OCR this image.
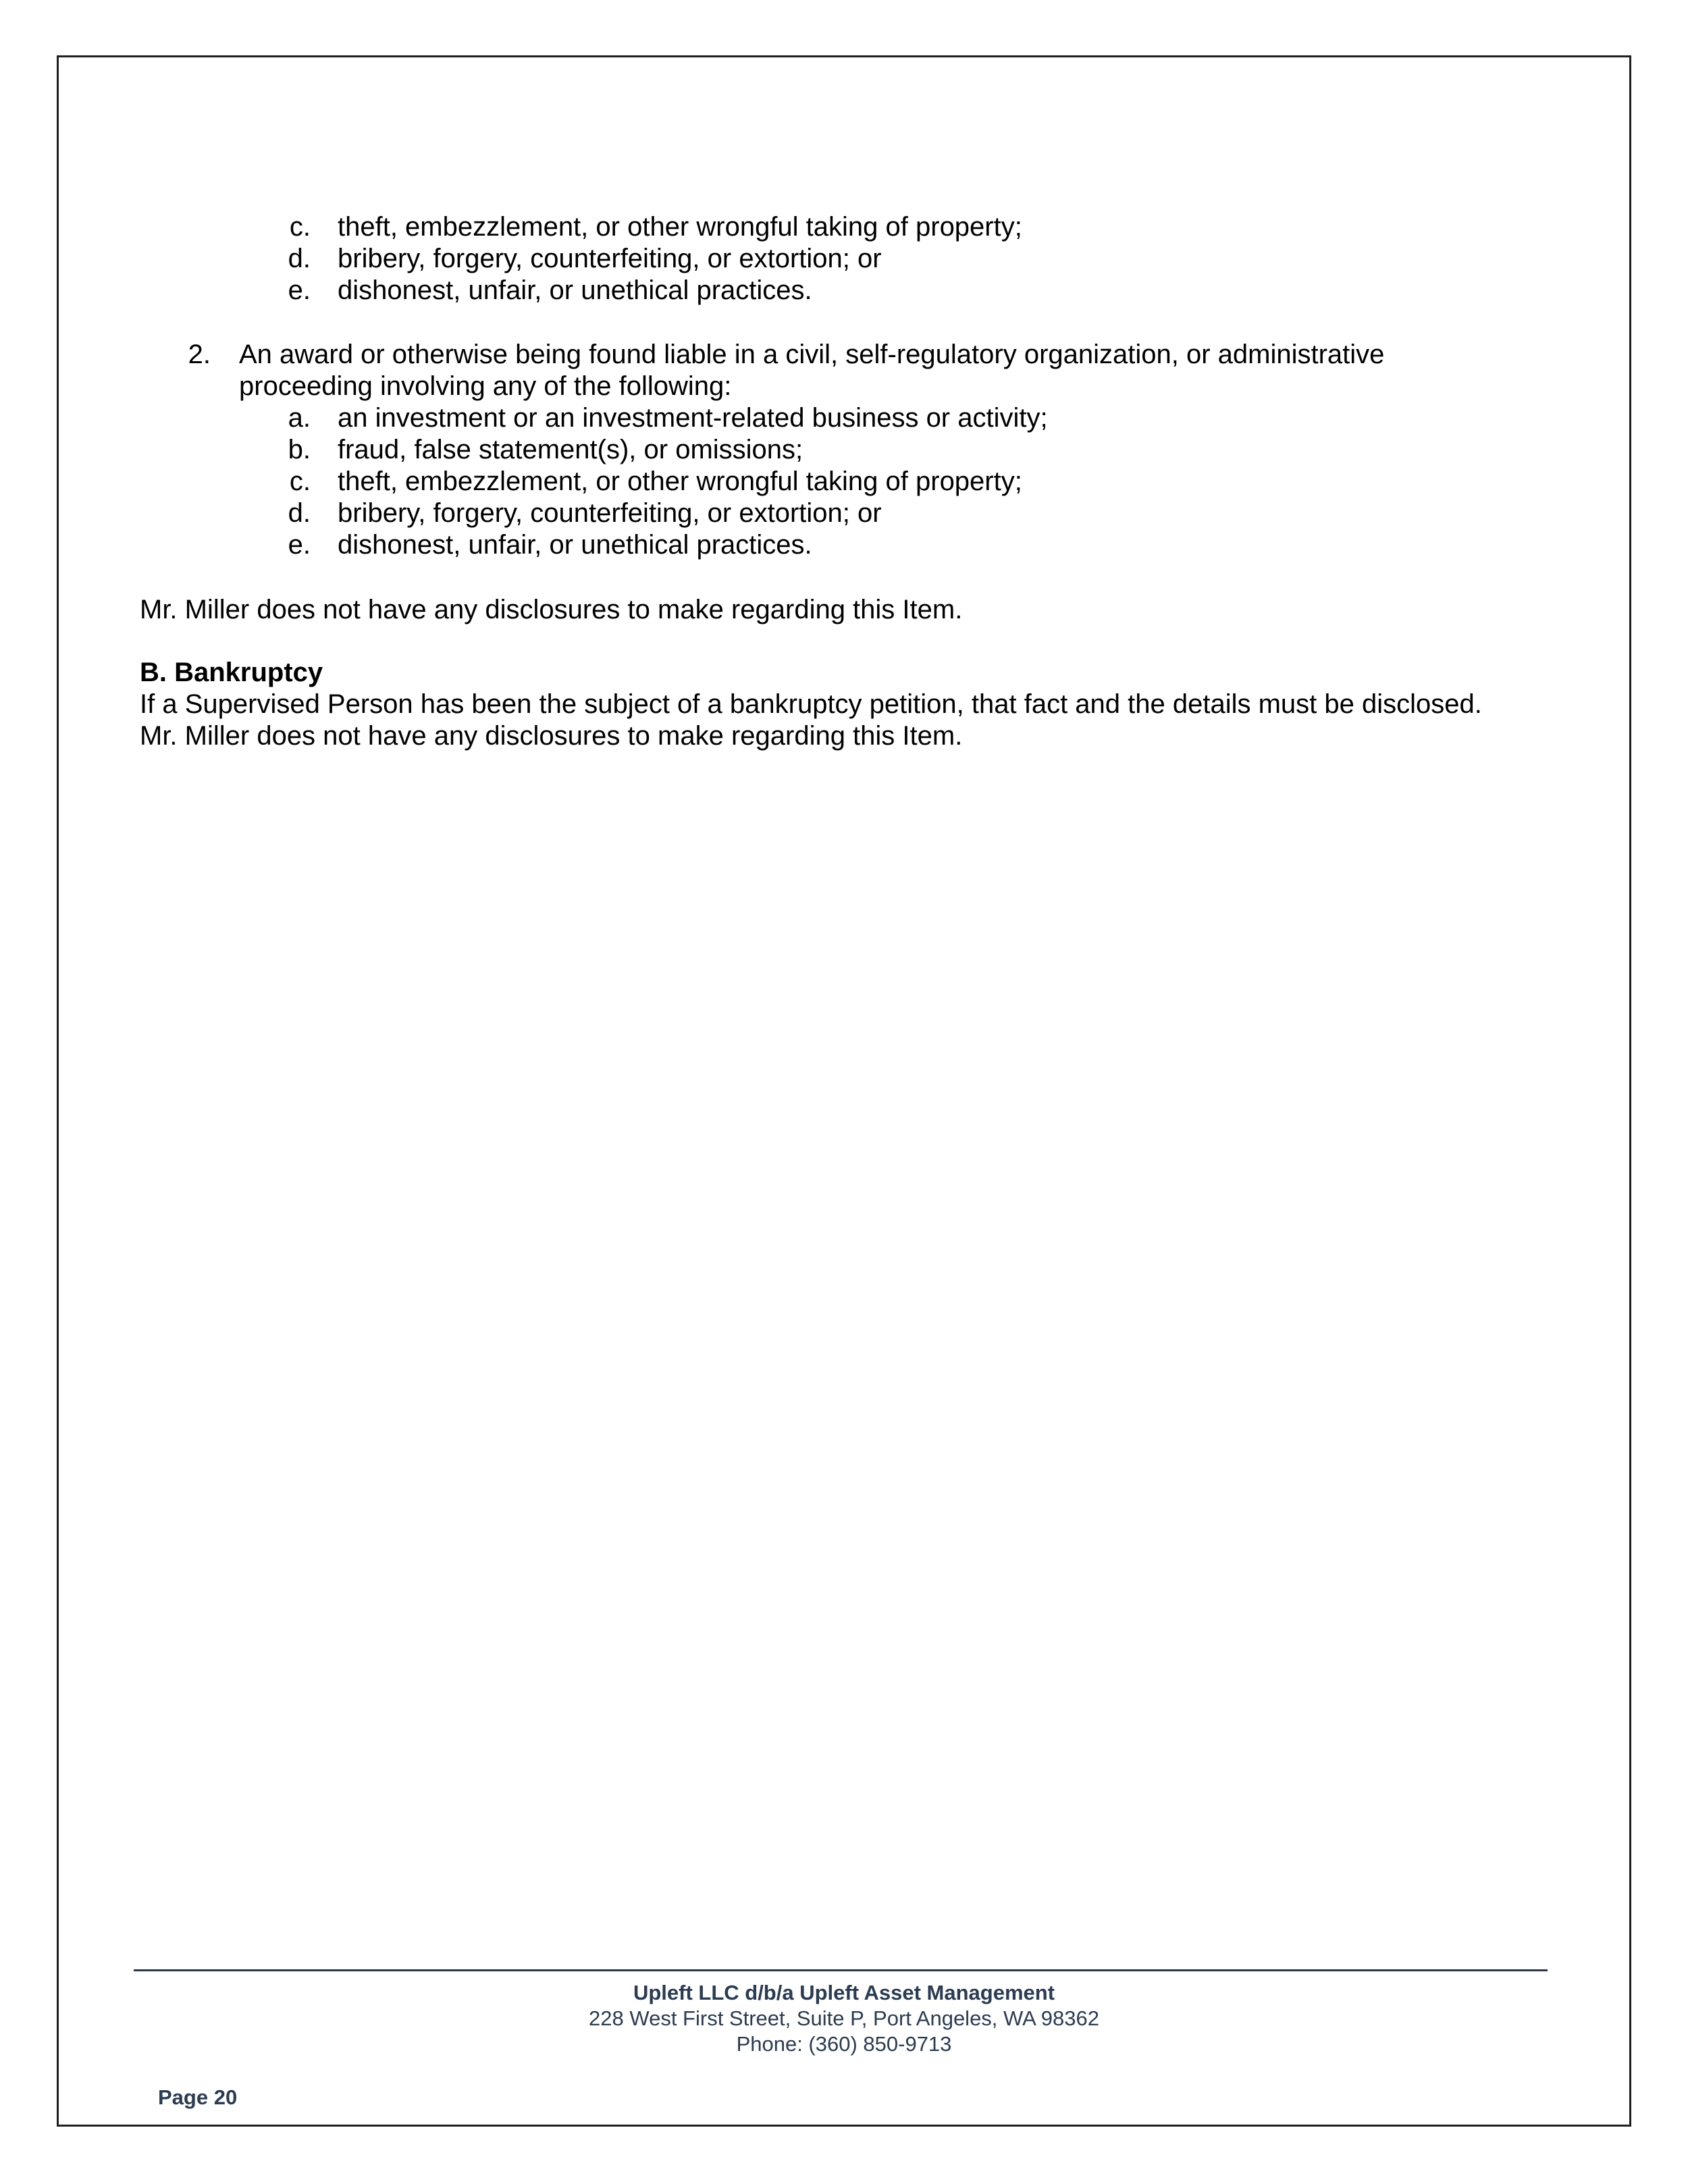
c. theft, embezzlement, or other wrongful taking of property;
d. bribery, forgery, counterfeiting, or extortion; or
e. dishonest, unfair, or unethical practices.
2. An award or otherwise being found liable in a civil, self-regulatory organization, or administrative
proceeding involving any of the following:
a. an investment or an investment-related business or activity;
b. fraud, false statement(s), or omissions;
c. theft, embezzlement, or other wrongful taking of property;
d. bribery, forgery, counterfeiting, or extortion; or
e. dishonest, unfair, or unethical practices.
Mr. Miller does not have any disclosures to make regarding this Item.
B. Bankruptcy
If a Supervised Person has been the subject of a bankruptcy petition, that fact and the details must be disclosed.
Mr. Miller does not have any disclosures to make regarding this Item.
Upleft LLC d/b/a Upleft Asset Management
228 West First Street, Suite P, Port Angeles, WA 98362
Phone: (360) 850-9713
Page 20
